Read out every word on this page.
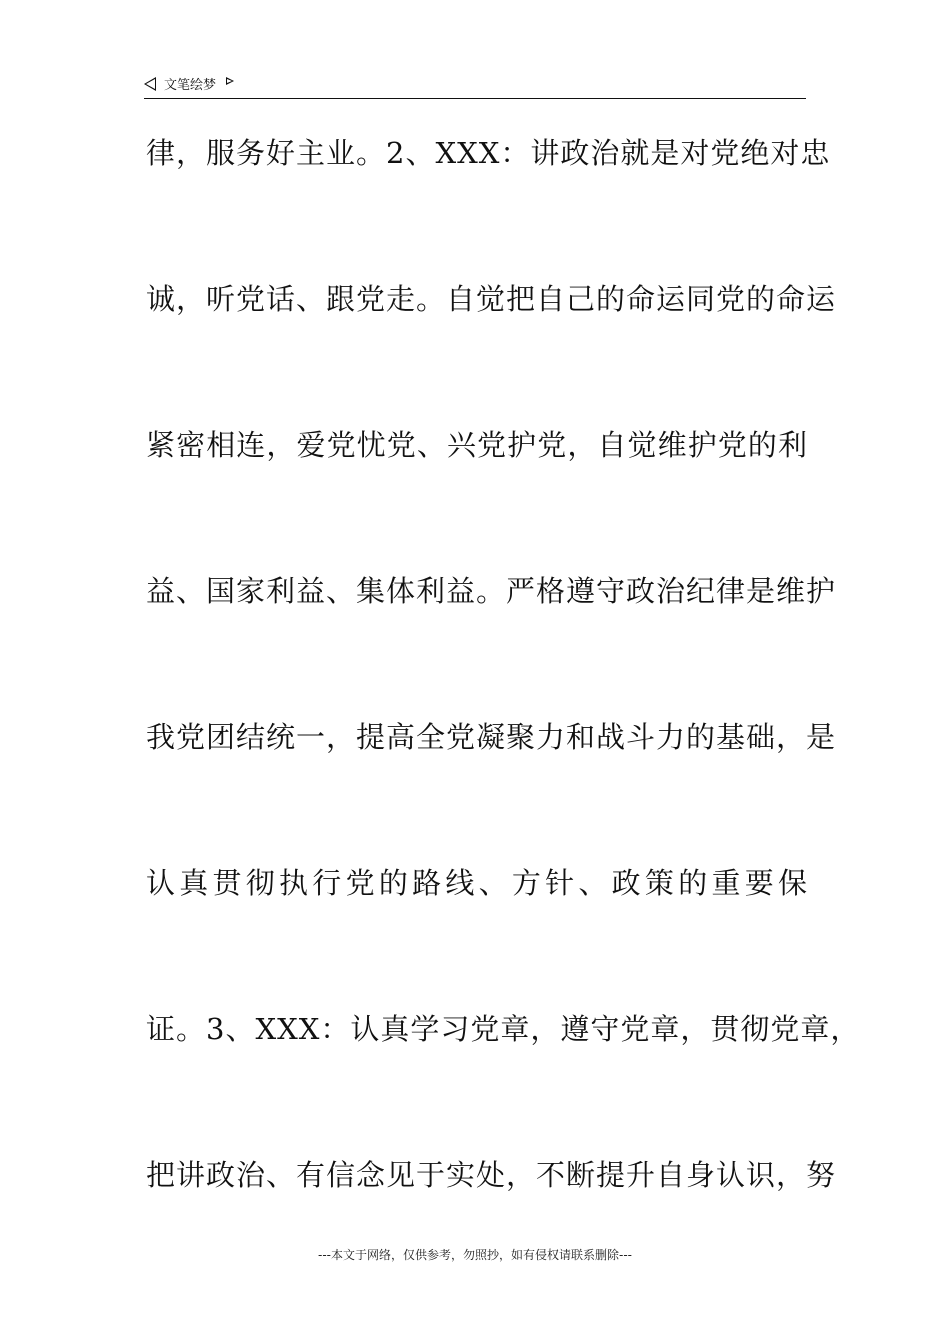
文笔绘梦
律，服务好主业。2、XXX：讲政治就是对党绝对忠
诚，听党话、跟党走。自觉把自己的命运同党的命运
紧密相连，爱党忧党、兴党护党，自觉维护党的利
益、国家利益、集体利益。严格遵守政治纪律是维护
我党团结统一，提高全党凝聚力和战斗力的基础，是
认真贯彻执行党的路线、方针、政策的重要保
证。3、XXX：认真学习党章，遵守党章，贯彻党章，
把讲政治、有信念见于实处，不断提升自身认识，努
---本文于网络，仅供参考，勿照抄，如有侵权请联系删除---
